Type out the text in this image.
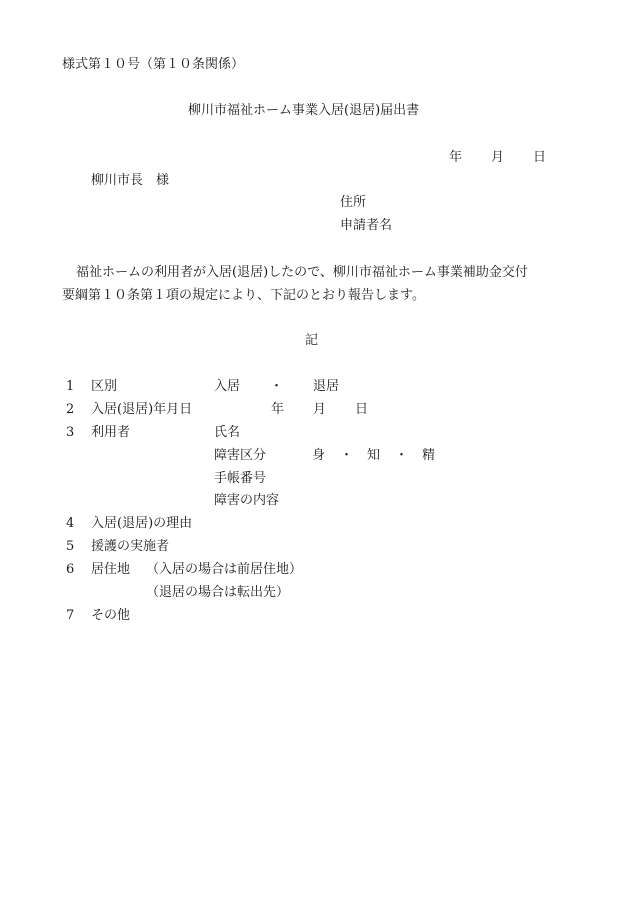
様式第１０号（第１０条関係）
柳川市福祉ホーム事業入居(退居)届出書
年 月 日
柳川市長　様
住所
申請者名
福祉ホームの利用者が入居(退居)したので、柳川市福祉ホーム事業補助金交付
要綱第１０条第１項の規定により、下記のとおり報告します。
記
1
2
3
4
5
6
7
区別
入居(退居)年月日
利用者
入居(退居)の理由
援護の実施者
居住地
その他
入居 ・ 退居
年 月 日
氏名
障害区分	身 ・ 知 ・ 精
手帳番号
障害の内容
（入居の場合は前居住地）
（退居の場合は転出先）
